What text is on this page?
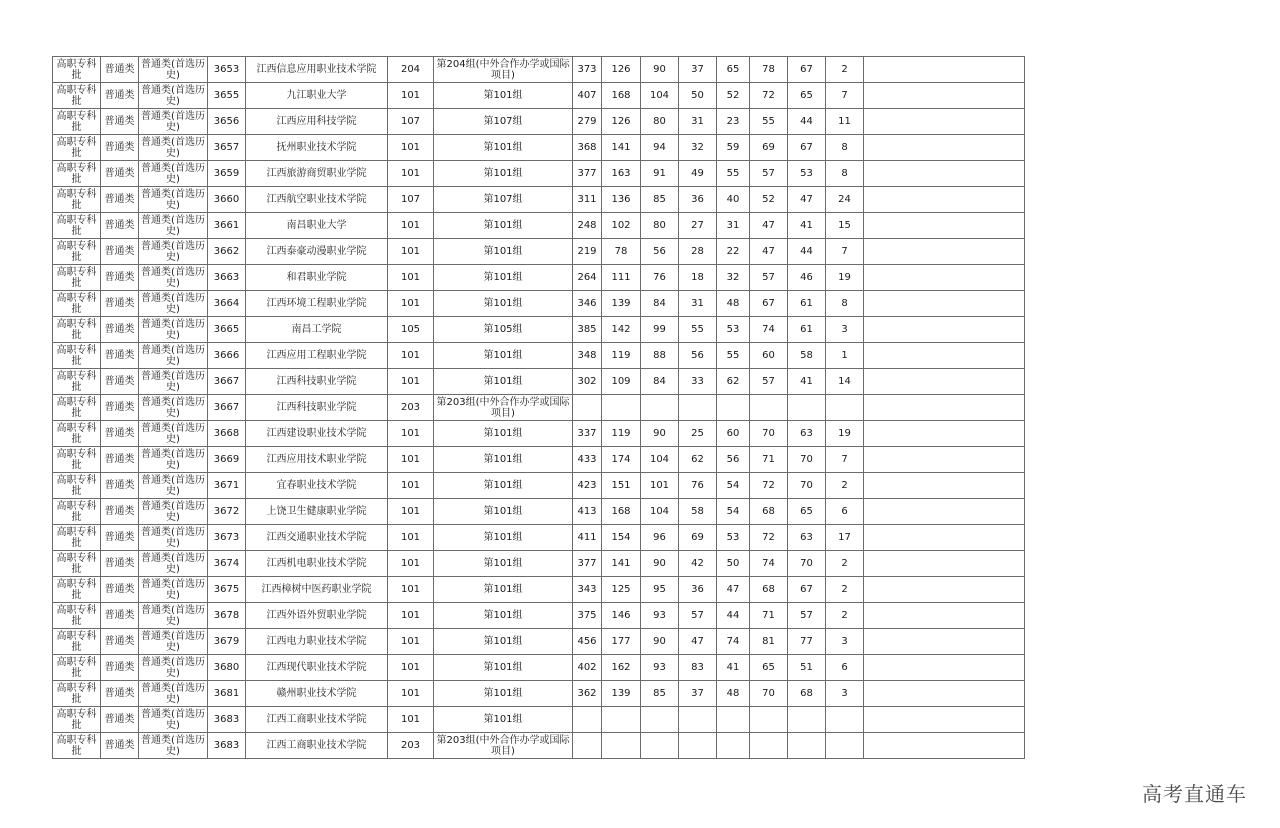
高职专科批	普通类	普通类(首选历史)	3653	江西信息应用职业技术学院	204	第204组(中外合作办学或国际项目)	373	126	90	37	65	78	67	2	
高职专科批	普通类	普通类(首选历史)	3655	九江职业大学	101	第101组	407	168	104	50	52	72	65	7	
高职专科批	普通类	普通类(首选历史)	3656	江西应用科技学院	107	第107组	279	126	80	31	23	55	44	11	
高职专科批	普通类	普通类(首选历史)	3657	抚州职业技术学院	101	第101组	368	141	94	32	59	69	67	8	
高职专科批	普通类	普通类(首选历史)	3659	江西旅游商贸职业学院	101	第101组	377	163	91	49	55	57	53	8	
高职专科批	普通类	普通类(首选历史)	3660	江西航空职业技术学院	107	第107组	311	136	85	36	40	52	47	24	
高职专科批	普通类	普通类(首选历史)	3661	南昌职业大学	101	第101组	248	102	80	27	31	47	41	15	
高职专科批	普通类	普通类(首选历史)	3662	江西泰豪动漫职业学院	101	第101组	219	78	56	28	22	47	44	7	
高职专科批	普通类	普通类(首选历史)	3663	和君职业学院	101	第101组	264	111	76	18	32	57	46	19	
高职专科批	普通类	普通类(首选历史)	3664	江西环境工程职业学院	101	第101组	346	139	84	31	48	67	61	8	
高职专科批	普通类	普通类(首选历史)	3665	南昌工学院	105	第105组	385	142	99	55	53	74	61	3	
高职专科批	普通类	普通类(首选历史)	3666	江西应用工程职业学院	101	第101组	348	119	88	56	55	60	58	1	
高职专科批	普通类	普通类(首选历史)	3667	江西科技职业学院	101	第101组	302	109	84	33	62	57	41	14	
高职专科批	普通类	普通类(首选历史)	3667	江西科技职业学院	203	第203组(中外合作办学或国际项目)									
高职专科批	普通类	普通类(首选历史)	3668	江西建设职业技术学院	101	第101组	337	119	90	25	60	70	63	19	
高职专科批	普通类	普通类(首选历史)	3669	江西应用技术职业学院	101	第101组	433	174	104	62	56	71	70	7	
高职专科批	普通类	普通类(首选历史)	3671	宜春职业技术学院	101	第101组	423	151	101	76	54	72	70	2	
高职专科批	普通类	普通类(首选历史)	3672	上饶卫生健康职业学院	101	第101组	413	168	104	58	54	68	65	6	
高职专科批	普通类	普通类(首选历史)	3673	江西交通职业技术学院	101	第101组	411	154	96	69	53	72	63	17	
高职专科批	普通类	普通类(首选历史)	3674	江西机电职业技术学院	101	第101组	377	141	90	42	50	74	70	2	
高职专科批	普通类	普通类(首选历史)	3675	江西樟树中医药职业学院	101	第101组	343	125	95	36	47	68	67	2	
高职专科批	普通类	普通类(首选历史)	3678	江西外语外贸职业学院	101	第101组	375	146	93	57	44	71	57	2	
高职专科批	普通类	普通类(首选历史)	3679	江西电力职业技术学院	101	第101组	456	177	90	47	74	81	77	3	
高职专科批	普通类	普通类(首选历史)	3680	江西现代职业技术学院	101	第101组	402	162	93	83	41	65	51	6	
高职专科批	普通类	普通类(首选历史)	3681	赣州职业技术学院	101	第101组	362	139	85	37	48	70	68	3	
高职专科批	普通类	普通类(首选历史)	3683	江西工商职业技术学院	101	第101组									
高职专科批	普通类	普通类(首选历史)	3683	江西工商职业技术学院	203	第203组(中外合作办学或国际项目)									
高考直通车
